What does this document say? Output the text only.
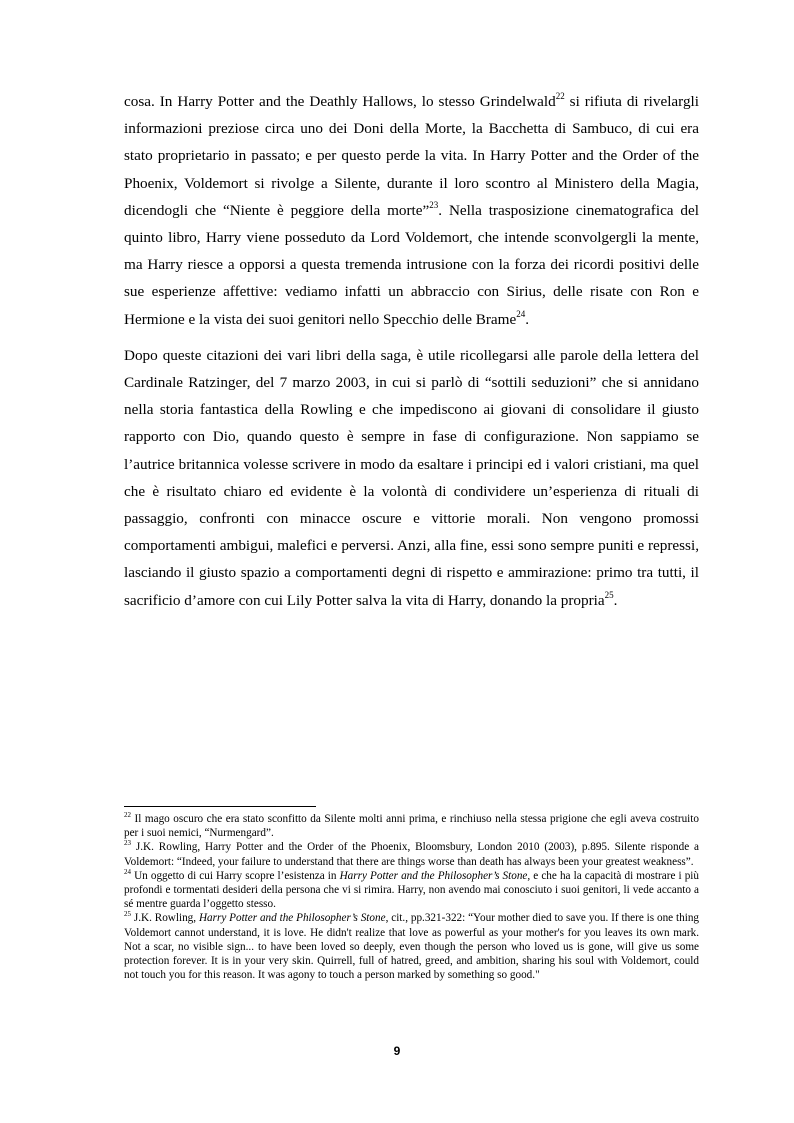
cosa. In Harry Potter and the Deathly Hallows, lo stesso Grindelwald$^{22}$ si rifiuta di rivelargli informazioni preziose circa uno dei Doni della Morte, la Bacchetta di Sambuco, di cui era stato proprietario in passato; e per questo perde la vita. In Harry Potter and the Order of the Phoenix, Voldemort si rivolge a Silente, durante il loro scontro al Ministero della Magia, dicendogli che “Niente è peggiore della morte”$^{23}$. Nella trasposizione cinematografica del quinto libro, Harry viene posseduto da Lord Voldemort, che intende sconvolgergli la mente, ma Harry riesce a opporsi a questa tremenda intrusione con la forza dei ricordi positivi delle sue esperienze affettive: vediamo infatti un abbraccio con Sirius, delle risate con Ron e Hermione e la vista dei suoi genitori nello Specchio delle Brame$^{24}$.

Dopo queste citazioni dei vari libri della saga, è utile ricollegarsi alle parole della lettera del Cardinale Ratzinger, del 7 marzo 2003, in cui si parlò di “sottili seduzioni” che si annidano nella storia fantastica della Rowling e che impediscono ai giovani di consolidare il giusto rapporto con Dio, quando questo è sempre in fase di configurazione. Non sappiamo se l’autrice britannica volesse scrivere in modo da esaltare i principi ed i valori cristiani, ma quel che è risultato chiaro ed evidente è la volontà di condividere un’esperienza di rituali di passaggio, confronti con minacce oscure e vittorie morali. Non vengono promossi comportamenti ambigui, malefici e perversi. Anzi, alla fine, essi sono sempre puniti e repressi, lasciando il giusto spazio a comportamenti degni di rispetto e ammirazione: primo tra tutti, il sacrificio d’amore con cui Lily Potter salva la vita di Harry, donando la propria$^{25}$.

$^{22}$ Il mago oscuro che era stato sconfitto da Silente molti anni prima, e rinchiuso nella stessa prigione che egli aveva costruito per i suoi nemici, “Nurmengard”.

$^{23}$ J.K. Rowling, Harry Potter and the Order of the Phoenix, Bloomsbury, London 2010 (2003), p.895. Silente risponde a Voldemort: “Indeed, your failure to understand that there are things worse than death has always been your greatest weakness”.

$^{24}$ Un oggetto di cui Harry scopre l’esistenza in Harry Potter and the Philosopher’s Stone, e che ha la capacità di mostrare i più profondi e tormentati desideri della persona che vi si rimira. Harry, non avendo mai conosciuto i suoi genitori, li vede accanto a sé mentre guarda l’oggetto stesso.

$^{25}$ J.K. Rowling, Harry Potter and the Philosopher’s Stone, cit., pp.321-322: “Your mother died to save you. If there is one thing Voldemort cannot understand, it is love. He didn't realize that love as powerful as your mother's for you leaves its own mark. Not a scar, no visible sign... to have been loved so deeply, even though the person who loved us is gone, will give us some protection forever. It is in your very skin. Quirrell, full of hatred, greed, and ambition, sharing his soul with Voldemort, could not touch you for this reason. It was agony to touch a person marked by something so good."

9
